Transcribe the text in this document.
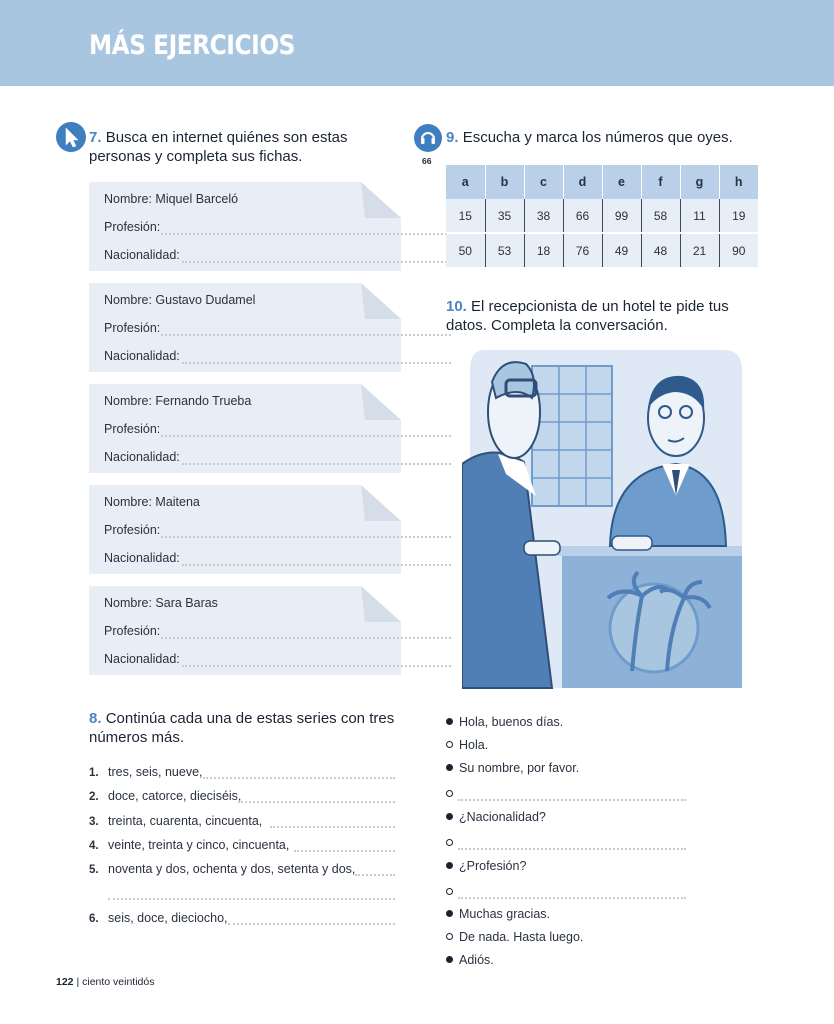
MÁS EJERCICIOS
7. Busca en internet quiénes son estas
personas y completa sus fichas.
Nombre: Miquel Barceló
Profesión:
Nacionalidad:
Nombre: Gustavo Dudamel
Profesión:
Nacionalidad:
Nombre: Fernando Trueba
Profesión:
Nacionalidad:
Nombre: Maitena
Profesión:
Nacionalidad:
Nombre: Sara Baras
Profesión:
Nacionalidad:
8. Continúa cada una de estas series con tres
números más.
1. tres, seis, nueve,
2. doce, catorce, dieciséis,
3. treinta, cuarenta, cincuenta,
4. veinte, treinta y cinco, cincuenta,
5. noventa y dos, ochenta y dos, setenta y dos,
6. seis, doce, dieciocho,
66
9. Escucha y marca los números que oyes.
a	b	c	d	e	f	g	h
15	35	38	66	99	58	11	19
50	53	18	76	49	48	21	90
10. El recepcionista de un hotel te pide tus
datos. Completa la conversación.
Hola, buenos días.
Hola.
Su nombre, por favor.
¿Nacionalidad?
¿Profesión?
Muchas gracias.
De nada. Hasta luego.
Adiós.
122 | ciento veintidós
